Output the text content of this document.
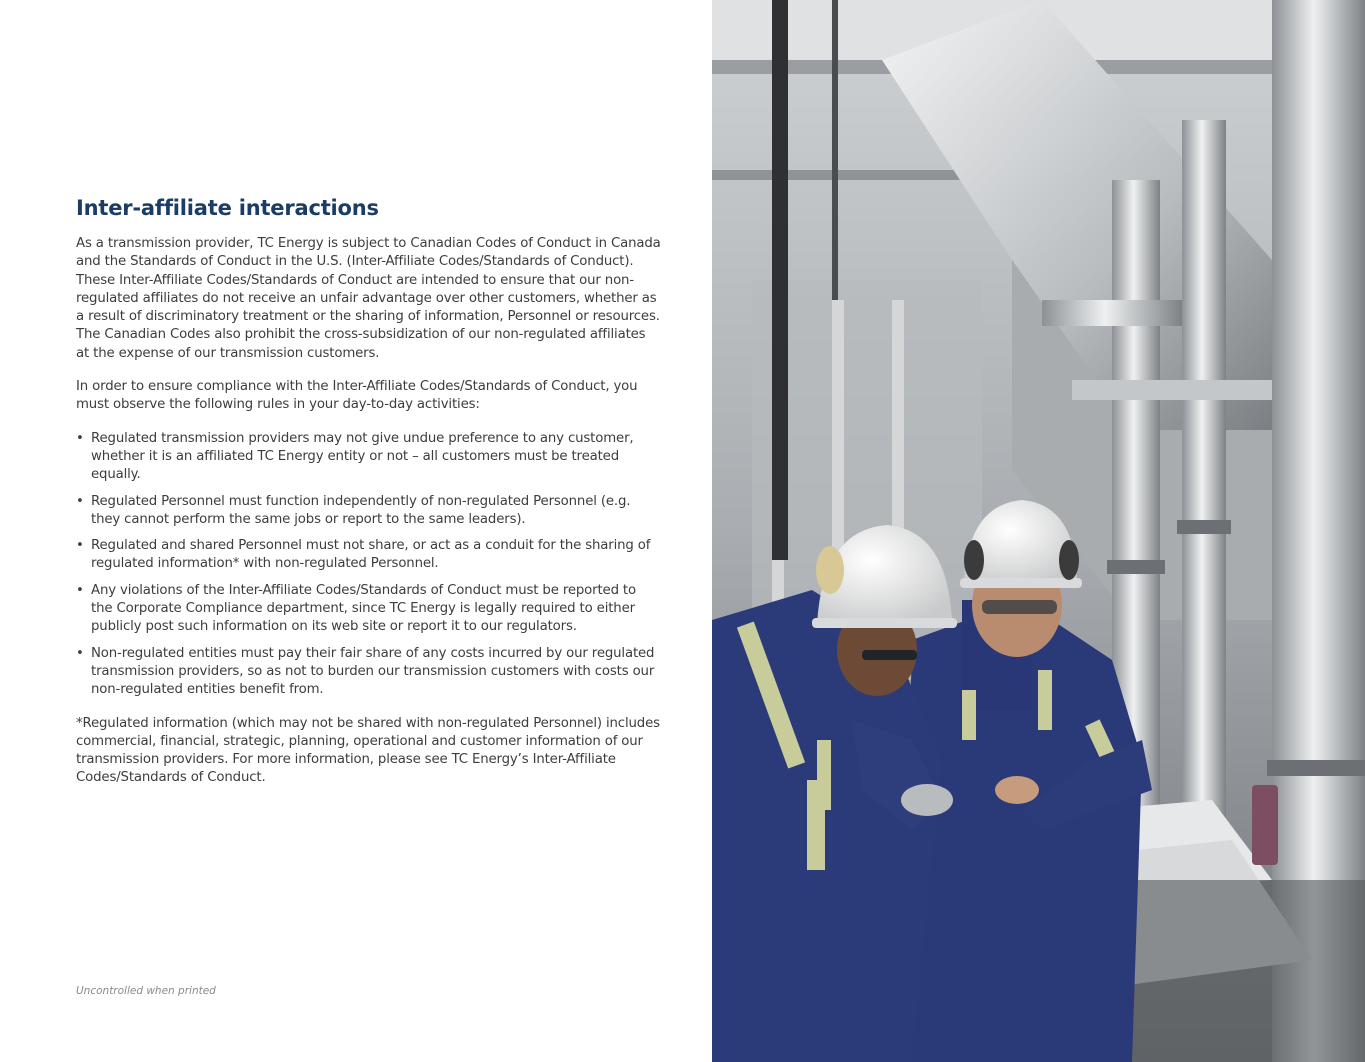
Inter-affiliate interactions

As a transmission provider, TC Energy is subject to Canadian Codes of Conduct in Canada and the Standards of Conduct in the U.S. (Inter-Affiliate Codes/Standards of Conduct). These Inter-Affiliate Codes/Standards of Conduct are intended to ensure that our non-regulated affiliates do not receive an unfair advantage over other customers, whether as a result of discriminatory treatment or the sharing of information, Personnel or resources. The Canadian Codes also prohibit the cross-subsidization of our non-regulated affiliates at the expense of our transmission customers.

In order to ensure compliance with the Inter-Affiliate Codes/Standards of Conduct, you must observe the following rules in your day-to-day activities:

• Regulated transmission providers may not give undue preference to any customer, whether it is an affiliated TC Energy entity or not – all customers must be treated equally.
• Regulated Personnel must function independently of non-regulated Personnel (e.g. they cannot perform the same jobs or report to the same leaders).
• Regulated and shared Personnel must not share, or act as a conduit for the sharing of regulated information* with non-regulated Personnel.
• Any violations of the Inter-Affiliate Codes/Standards of Conduct must be reported to the Corporate Compliance department, since TC Energy is legally required to either publicly post such information on its web site or report it to our regulators.
• Non-regulated entities must pay their fair share of any costs incurred by our regulated transmission providers, so as not to burden our transmission customers with costs our non-regulated entities benefit from.

*Regulated information (which may not be shared with non-regulated Personnel) includes commercial, financial, strategic, planning, operational and customer information of our transmission providers. For more information, please see TC Energy’s Inter-Affiliate Codes/Standards of Conduct.

Uncontrolled when printed
